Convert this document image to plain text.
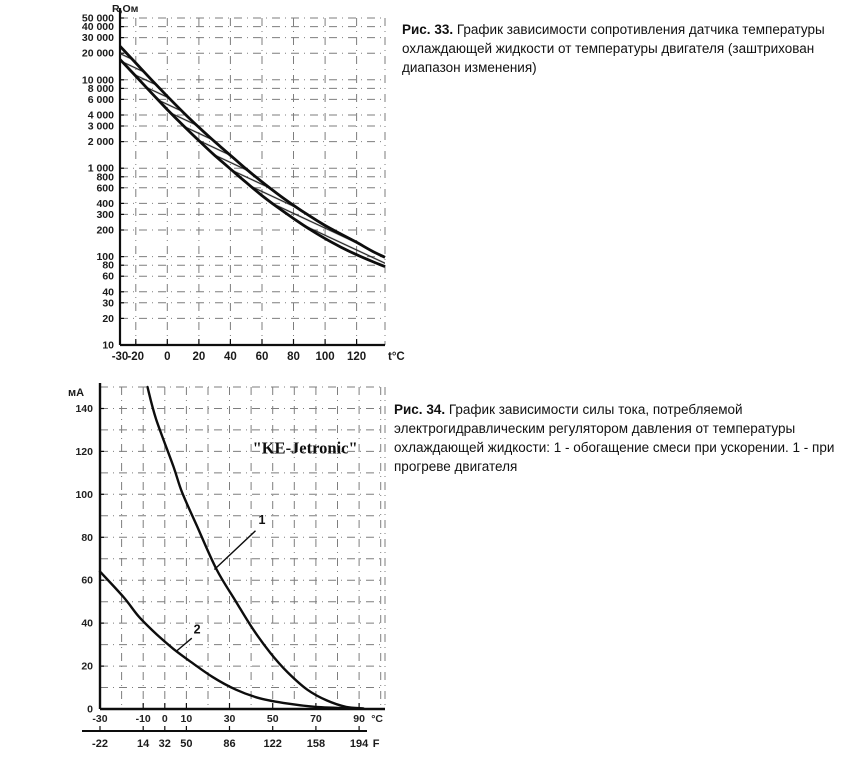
50 000
40 000
30 000
20 000
10 000
8 000
6 000
4 000
3 000
2 000
1 000
800
600
400
300
200
100
80
60
40
30
20
10
-30 -20 0 20 40 60 80 100 120 t°C
R,Ом
Рис. 33. График зависимости сопротивления датчика температуры охлаждающей жидкости от температуры двигателя (заштрихован диапазон изменения)
0
20
40
60
80
100
120
140
-30	-10 0 10	30	50	70	90 °C
мА
-22	14 32 50	86	122 158 194 F
1
2
"KE-Jetronic"
Рис. 34. График зависимости силы тока, потребляемой электрогидравлическим регулятором давления от температуры охлаждающей жидкости: 1 - обогащение смеси при ускорении. 1 - при прогреве двигателя
